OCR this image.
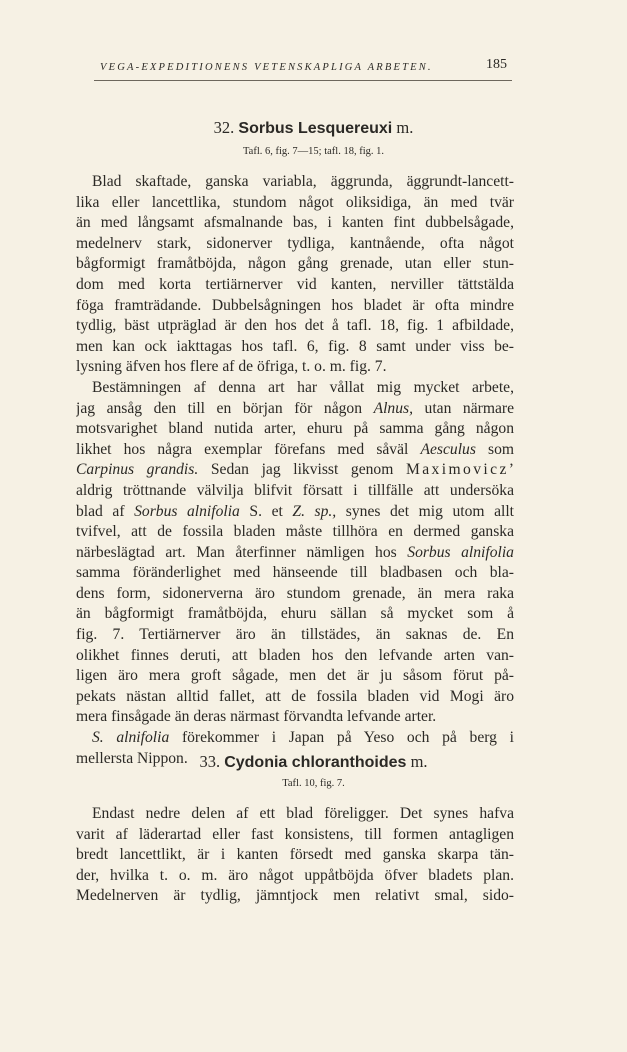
VEGA-EXPEDITIONENS VETENSKAPLIGA ARBETEN.	185
32. Sorbus Lesquereuxi m.
Tafl. 6, fig. 7—15; tafl. 18, fig. 1.
Blad skaftade, ganska variabla, äggrunda, äggrundt-lancett-
lika eller lancettlika, stundom något oliksidiga, än med tvär
än med långsamt afsmalnande bas, i kanten fint dubbelsågade,
medelnerv stark, sidonerver tydliga, kantnående, ofta något
bågformigt framåtböjda, någon gång grenade, utan eller stun-
dom med korta tertiärnerver vid kanten, nerviller tättstälda
föga framträdande. Dubbelsågningen hos bladet är ofta mindre
tydlig, bäst utpräglad är den hos det å tafl. 18, fig. 1 afbildade,
men kan ock iakttagas hos tafl. 6, fig. 8 samt under viss be-
lysning äfven hos flere af de öfriga, t. o. m. fig. 7.
Bestämningen af denna art har vållat mig mycket arbete,
jag ansåg den till en början för någon Alnus, utan närmare
motsvarighet bland nutida arter, ehuru på samma gång någon
likhet hos några exemplar förefans med såväl Aesculus som
Carpinus grandis. Sedan jag likvisst genom Maximovicz’
aldrig tröttnande välvilja blifvit försatt i tillfälle att undersöka
blad af Sorbus alnifolia S. et Z. sp., synes det mig utom allt
tvifvel, att de fossila bladen måste tillhöra en dermed ganska
närbeslägtad art. Man återfinner nämligen hos Sorbus alnifolia
samma föränderlighet med hänseende till bladbasen och bla-
dens form, sidonerverna äro stundom grenade, än mera raka
än bågformigt framåtböjda, ehuru sällan så mycket som å
fig. 7. Tertiärnerver äro än tillstädes, än saknas de. En
olikhet finnes deruti, att bladen hos den lefvande arten van-
ligen äro mera groft sågade, men det är ju såsom förut på-
pekats nästan alltid fallet, att de fossila bladen vid Mogi äro
mera finsågade än deras närmast förvandta lefvande arter.
S. alnifolia förekommer i Japan på Yeso och på berg i
mellersta Nippon. 33. Cydonia chloranthoides m.
Tafl. 10, fig. 7.
Endast nedre delen af ett blad föreligger. Det synes hafva
varit af läderartad eller fast konsistens, till formen antagligen
bredt lancettlikt, är i kanten försedt med ganska skarpa tän-
der, hvilka t. o. m. äro något uppåtböjda öfver bladets plan.
Medelnerven är tydlig, jämntjock men relativt smal, sido-
